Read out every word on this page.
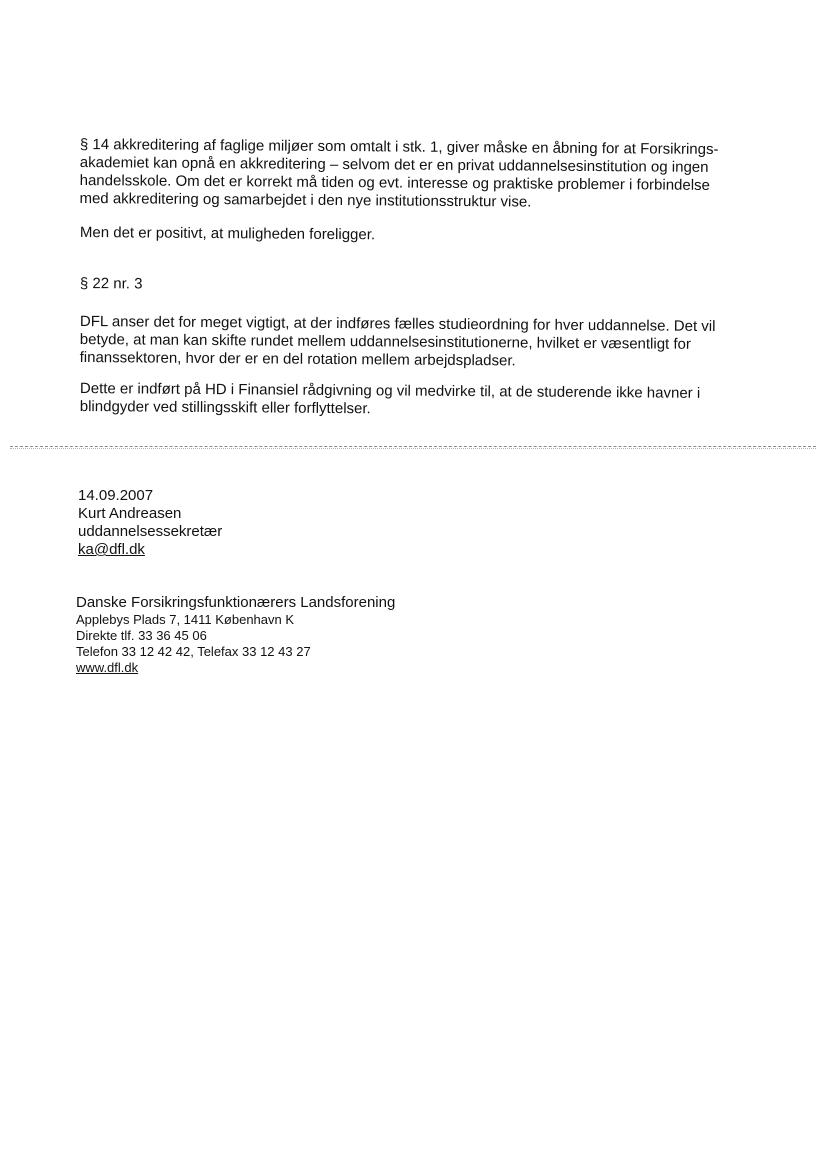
§ 14 akkreditering af faglige miljøer som omtalt i stk. 1, giver måske en åbning for at Forsikrings-
akademiet kan opnå en akkreditering – selvom det er en privat uddannelsesinstitution og ingen
handelsskole. Om det er korrekt må tiden og evt. interesse og praktiske problemer i forbindelse
med akkreditering og samarbejdet i den nye institutionsstruktur vise.
Men det er positivt, at muligheden foreligger.
§ 22 nr. 3
DFL anser det for meget vigtigt, at der indføres fælles studieordning for hver uddannelse. Det vil
betyde, at man kan skifte rundet mellem uddannelsesinstitutionerne, hvilket er væsentligt for
finanssektoren, hvor der er en del rotation mellem arbejdspladser.
Dette er indført på HD i Finansiel rådgivning og vil medvirke til, at de studerende ikke havner i
blindgyder ved stillingsskift eller forflyttelser.
14.09.2007
Kurt Andreasen
uddannelsessekretær
ka@dfl.dk
Danske Forsikringsfunktionærers Landsforening
Applebys Plads 7, 1411 København K
Direkte tlf. 33 36 45 06
Telefon 33 12 42 42, Telefax 33 12 43 27
www.dfl.dk
